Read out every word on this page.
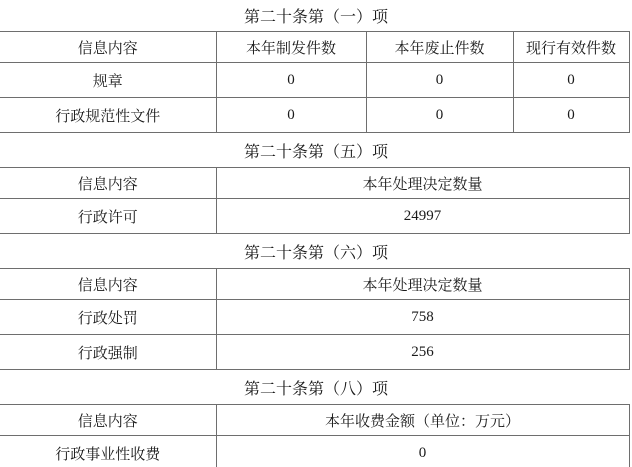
第二十条第（一）项
信息内容	本年制发件数	本年废止件数	现行有效件数
规章	0	0	0
行政规范性文件	0	0	0
第二十条第（五）项
信息内容	本年处理决定数量
行政许可	24997
第二十条第（六）项
信息内容	本年处理决定数量
行政处罚	758
行政强制	256
第二十条第（八）项
信息内容	本年收费金额（单位：万元）
行政事业性收费	0
